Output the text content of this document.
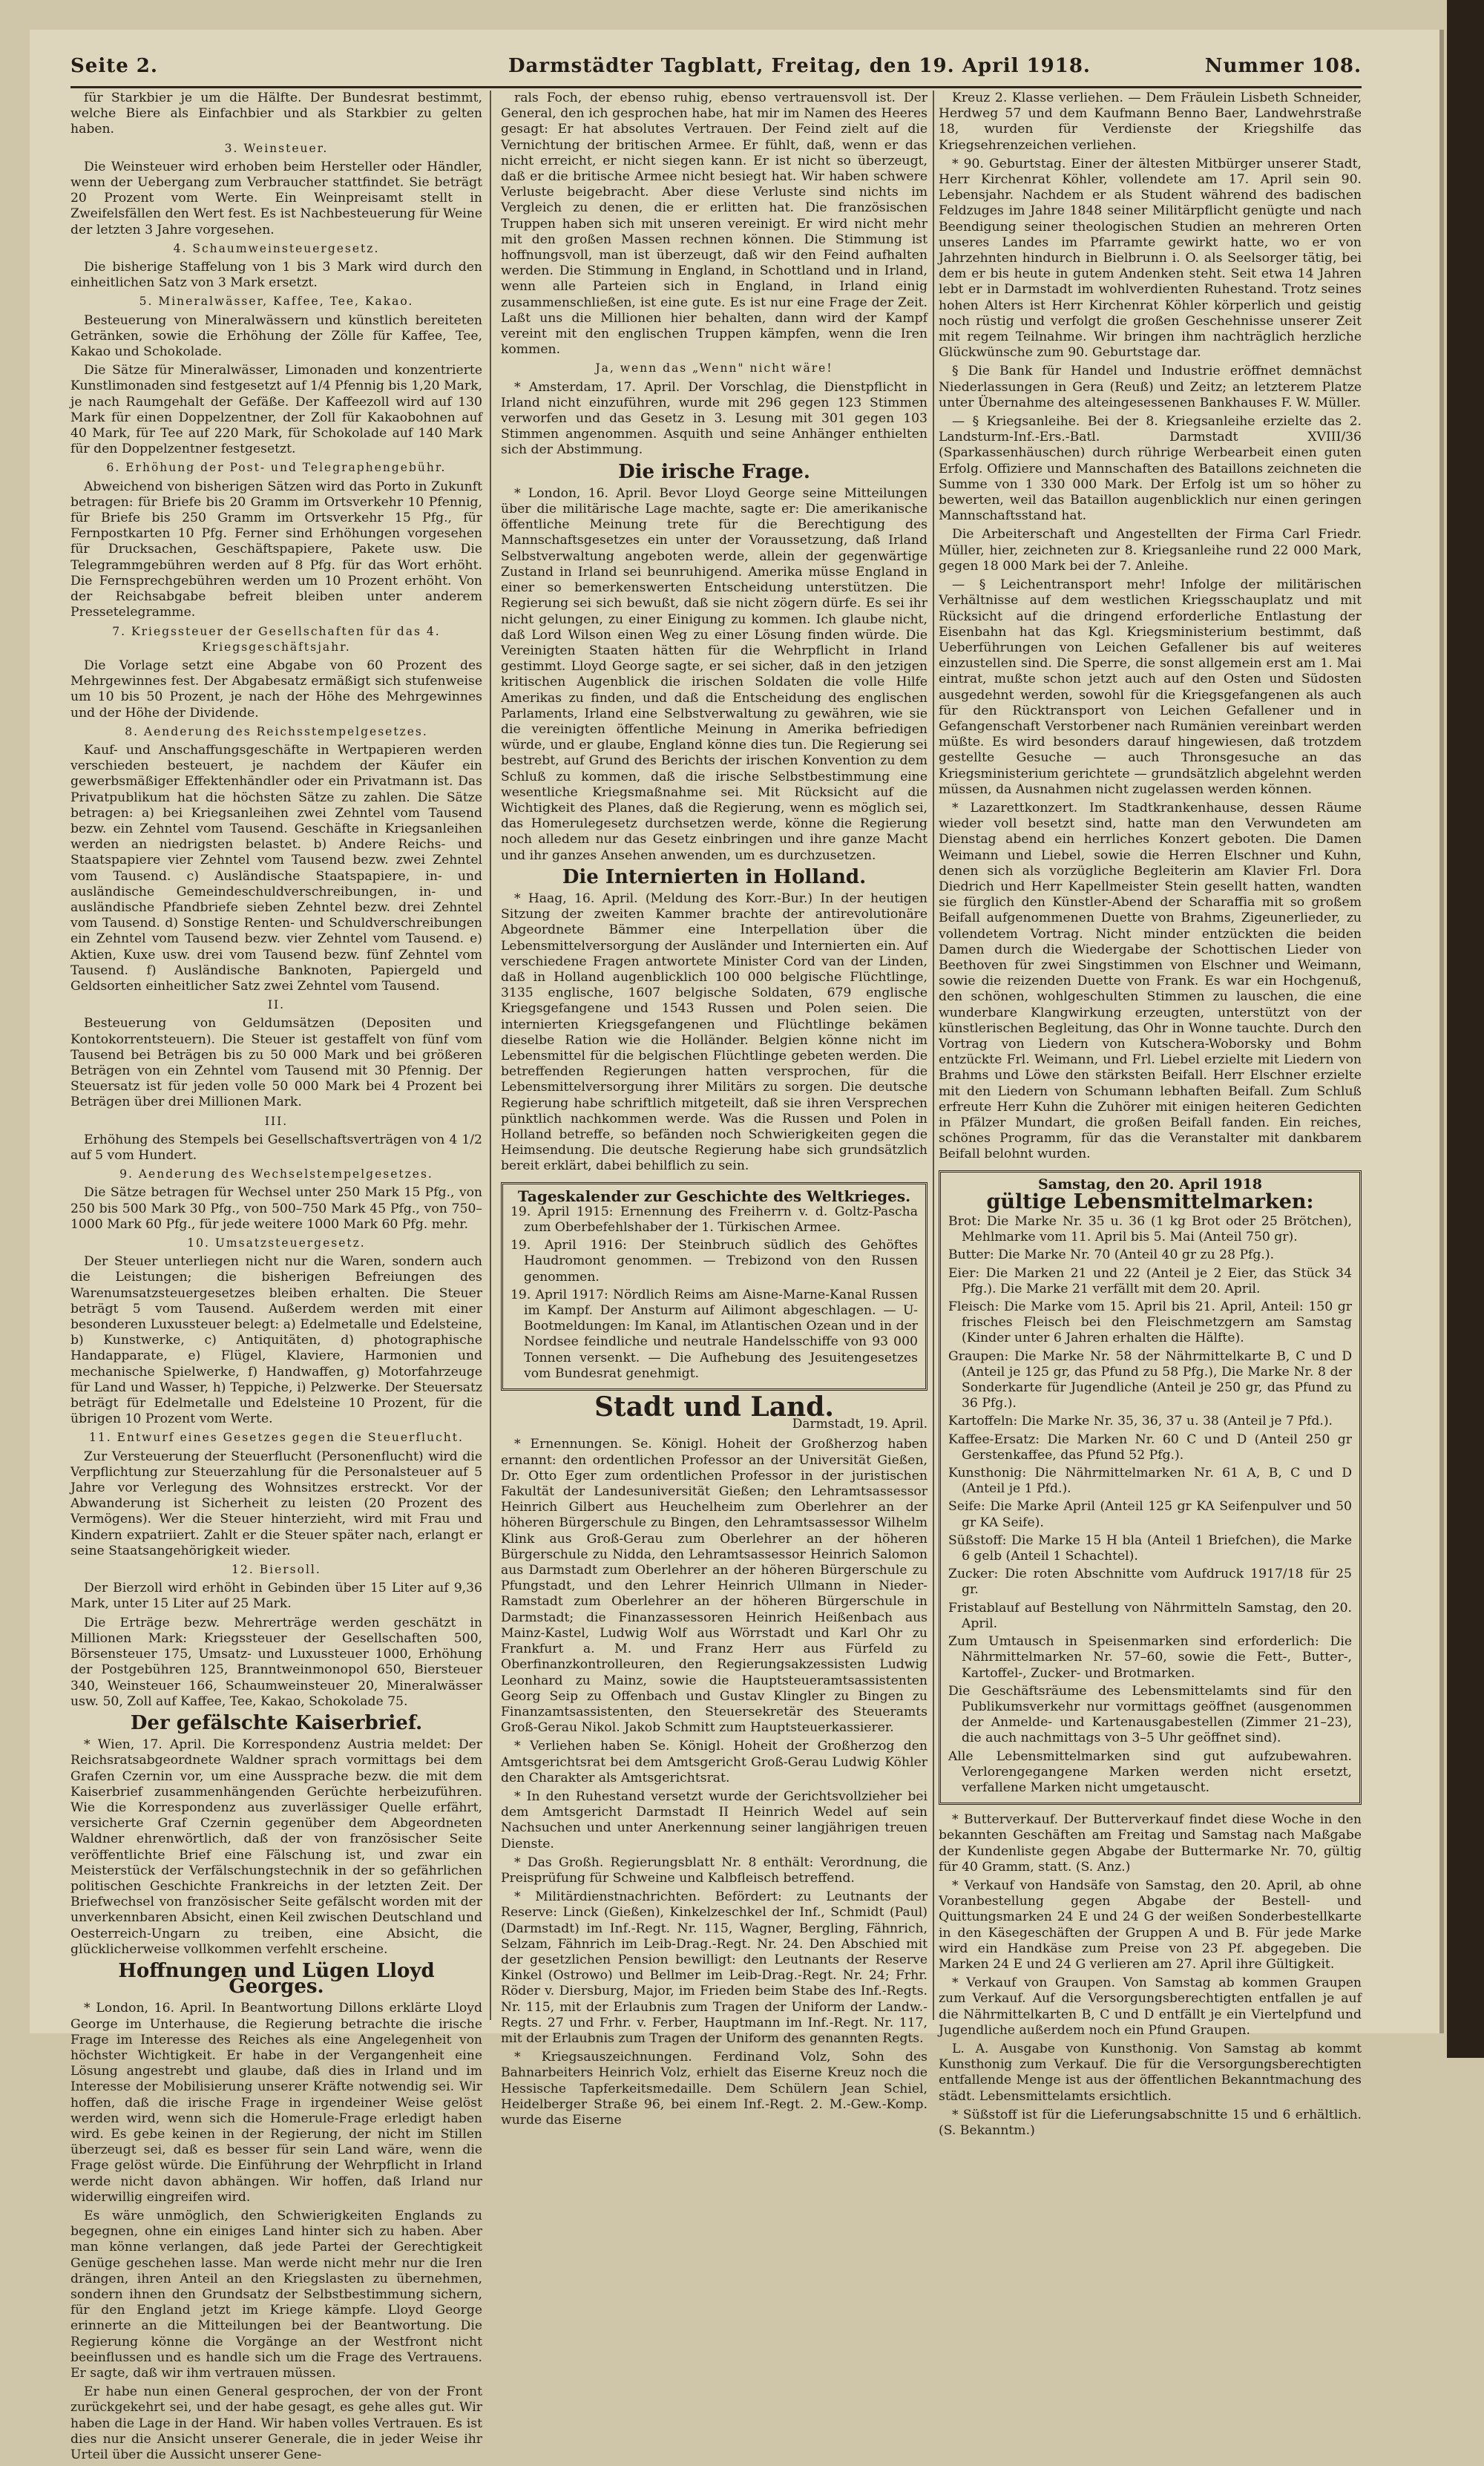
Seite 2.	Darmstädter Tagblatt, Freitag, den 19. April 1918.	Nummer 108.

für Starkbier je um die Hälfte. Der Bundesrat bestimmt, welche Biere als Einfachbier und als Starkbier zu gelten haben.

3. Weinsteuer.

Die Weinsteuer wird erhoben beim Hersteller oder Händler, wenn der Uebergang zum Verbraucher stattfindet. Sie beträgt 20 Prozent vom Werte. Ein Weinpreisamt stellt in Zweifelsfällen den Wert fest. Es ist Nachbesteuerung für Weine der letzten 3 Jahre vorgesehen.

4. Schaumweinsteuergesetz.

Die bisherige Staffelung von 1 bis 3 Mark wird durch den einheitlichen Satz von 3 Mark ersetzt.

5. Mineralwässer, Kaffee, Tee, Kakao.

Besteuerung von Mineralwässern und künstlich bereiteten Getränken, sowie die Erhöhung der Zölle für Kaffee, Tee, Kakao und Schokolade.

Die Sätze für Mineralwässer, Limonaden und konzentrierte Kunstlimonaden sind festgesetzt auf 1/4 Pfennig bis 1,20 Mark, je nach Raumgehalt der Gefäße. Der Kaffeezoll wird auf 130 Mark für einen Doppelzentner, der Zoll für Kakaobohnen auf 40 Mark, für Tee auf 220 Mark, für Schokolade auf 140 Mark für den Doppelzentner festgesetzt.

6. Erhöhung der Post- und Telegraphengebühr.

Abweichend von bisherigen Sätzen wird das Porto in Zukunft betragen: für Briefe bis 20 Gramm im Ortsverkehr 10 Pfennig, für Briefe bis 250 Gramm im Ortsverkehr 15 Pfg., für Fernpostkarten 10 Pfg. Ferner sind Erhöhungen vorgesehen für Drucksachen, Geschäftspapiere, Pakete usw. Die Telegrammgebühren werden auf 8 Pfg. für das Wort erhöht. Die Fernsprechgebühren werden um 10 Prozent erhöht. Von der Reichsabgabe befreit bleiben unter anderem Pressetelegramme.

7. Kriegssteuer der Gesellschaften für das 4. Kriegsgeschäftsjahr.

Die Vorlage setzt eine Abgabe von 60 Prozent des Mehrgewinnes fest. Der Abgabesatz ermäßigt sich stufenweise um 10 bis 50 Prozent, je nach der Höhe des Mehrgewinnes und der Höhe der Dividende.

8. Aenderung des Reichsstempelgesetzes.

Kauf- und Anschaffungsgeschäfte in Wertpapieren werden verschieden besteuert, je nachdem der Käufer ein gewerbsmäßiger Effektenhändler oder ein Privatmann ist. Das Privatpublikum hat die höchsten Sätze zu zahlen. Die Sätze betragen: a) bei Kriegsanleihen zwei Zehntel vom Tausend bezw. ein Zehntel vom Tausend. Geschäfte in Kriegsanleihen werden an niedrigsten belastet. b) Andere Reichs- und Staatspapiere vier Zehntel vom Tausend bezw. zwei Zehntel vom Tausend. c) Ausländische Staatspapiere, in- und ausländische Gemeindeschuldverschreibungen, in- und ausländische Pfandbriefe sieben Zehntel bezw. drei Zehntel vom Tausend. d) Sonstige Renten- und Schuldverschreibungen ein Zehntel vom Tausend bezw. vier Zehntel vom Tausend. e) Aktien, Kuxe usw. drei vom Tausend bezw. fünf Zehntel vom Tausend. f) Ausländische Banknoten, Papiergeld und Geldsorten einheitlicher Satz zwei Zehntel vom Tausend.

II.

Besteuerung von Geldumsätzen (Depositen und Kontokorrentsteuern). Die Steuer ist gestaffelt von fünf vom Tausend bei Beträgen bis zu 50 000 Mark und bei größeren Beträgen von ein Zehntel vom Tausend mit 30 Pfennig. Der Steuersatz ist für jeden volle 50 000 Mark bei 4 Prozent bei Beträgen über drei Millionen Mark.

III.

Erhöhung des Stempels bei Gesellschaftsverträgen von 4 1/2 auf 5 vom Hundert.

9. Aenderung des Wechselstempelgesetzes.

Die Sätze betragen für Wechsel unter 250 Mark 15 Pfg., von 250 bis 500 Mark 30 Pfg., von 500–750 Mark 45 Pfg., von 750–1000 Mark 60 Pfg., für jede weitere 1000 Mark 60 Pfg. mehr.

10. Umsatzsteuergesetz.

Der Steuer unterliegen nicht nur die Waren, sondern auch die Leistungen; die bisherigen Befreiungen des Warenumsatzsteuergesetzes bleiben erhalten. Die Steuer beträgt 5 vom Tausend. Außerdem werden mit einer besonderen Luxussteuer belegt: a) Edelmetalle und Edelsteine, b) Kunstwerke, c) Antiquitäten, d) photographische Handapparate, e) Flügel, Klaviere, Harmonien und mechanische Spielwerke, f) Handwaffen, g) Motorfahrzeuge für Land und Wasser, h) Teppiche, i) Pelzwerke. Der Steuersatz beträgt für Edelmetalle und Edelsteine 10 Prozent, für die übrigen 10 Prozent vom Werte.

11. Entwurf eines Gesetzes gegen die Steuerflucht.

Zur Versteuerung der Steuerflucht (Personenflucht) wird die Verpflichtung zur Steuerzahlung für die Personalsteuer auf 5 Jahre vor Verlegung des Wohnsitzes erstreckt. Vor der Abwanderung ist Sicherheit zu leisten (20 Prozent des Vermögens). Wer die Steuer hinterzieht, wird mit Frau und Kindern expatriiert. Zahlt er die Steuer später nach, erlangt er seine Staatsangehörigkeit wieder.

12. Biersoll.

Der Bierzoll wird erhöht in Gebinden über 15 Liter auf 9,36 Mark, unter 15 Liter auf 25 Mark.

Die Erträge bezw. Mehrerträge werden geschätzt in Millionen Mark: Kriegssteuer der Gesellschaften 500, Börsensteuer 175, Umsatz- und Luxussteuer 1000, Erhöhung der Postgebühren 125, Branntweinmonopol 650, Biersteuer 340, Weinsteuer 166, Schaumweinsteuer 20, Mineralwässer usw. 50, Zoll auf Kaffee, Tee, Kakao, Schokolade 75.

Der gefälschte Kaiserbrief.

* Wien, 17. April. Die Korrespondenz Austria meldet: Der Reichsratsabgeordnete Waldner sprach vormittags bei dem Grafen Czernin vor, um eine Aussprache bezw. die mit dem Kaiserbrief zusammenhängenden Gerüchte herbeizuführen. Wie die Korrespondenz aus zuverlässiger Quelle erfährt, versicherte Graf Czernin gegenüber dem Abgeordneten Waldner ehrenwörtlich, daß der von französischer Seite veröffentlichte Brief eine Fälschung ist, und zwar ein Meisterstück der Verfälschungstechnik in der so gefährlichen politischen Geschichte Frankreichs in der letzten Zeit. Der Briefwechsel von französischer Seite gefälscht worden mit der unverkennbaren Absicht, einen Keil zwischen Deutschland und Oesterreich-Ungarn zu treiben, eine Absicht, die glücklicherweise vollkommen verfehlt erscheine.

Hoffnungen und Lügen Lloyd Georges.

* London, 16. April. In Beantwortung Dillons erklärte Lloyd George im Unterhause, die Regierung betrachte die irische Frage im Interesse des Reiches als eine Angelegenheit von höchster Wichtigkeit. Er habe in der Vergangenheit eine Lösung angestrebt und glaube, daß dies in Irland und im Interesse der Mobilisierung unserer Kräfte notwendig sei. Wir hoffen, daß die irische Frage in irgendeiner Weise gelöst werden wird, wenn sich die Homerule-Frage erledigt haben wird. Es gebe keinen in der Regierung, der nicht im Stillen überzeugt sei, daß es besser für sein Land wäre, wenn die Frage gelöst würde. Die Einführung der Wehrpflicht in Irland werde nicht davon abhängen. Wir hoffen, daß Irland nur widerwillig eingreifen wird.

Es wäre unmöglich, den Schwierigkeiten Englands zu begegnen, ohne ein einiges Land hinter sich zu haben. Aber man könne verlangen, daß jede Partei der Gerechtigkeit Genüge geschehen lasse. Man werde nicht mehr nur die Iren drängen, ihren Anteil an den Kriegslasten zu übernehmen, sondern ihnen den Grundsatz der Selbstbestimmung sichern, für den England jetzt im Kriege kämpfe. Lloyd George erinnerte an die Mitteilungen bei der Beantwortung. Die Regierung könne die Vorgänge an der Westfront nicht beeinflussen und es handle sich um die Frage des Vertrauens. Er sagte, daß wir ihm vertrauen müssen.

Er habe nun einen General gesprochen, der von der Front zurückgekehrt sei, und der habe gesagt, es gehe alles gut. Wir haben die Lage in der Hand. Wir haben volles Vertrauen. Es ist dies nur die Ansicht unserer Generale, die in jeder Weise ihr Urteil über die Aussicht unserer Gene-

rals Foch, der ebenso ruhig, ebenso vertrauensvoll ist. Der General, den ich gesprochen habe, hat mir im Namen des Heeres gesagt: Er hat absolutes Vertrauen. Der Feind zielt auf die Vernichtung der britischen Armee. Er fühlt, daß, wenn er das nicht erreicht, er nicht siegen kann. Er ist nicht so überzeugt, daß er die britische Armee nicht besiegt hat. Wir haben schwere Verluste beigebracht. Aber diese Verluste sind nichts im Vergleich zu denen, die er erlitten hat. Die französischen Truppen haben sich mit unseren vereinigt. Er wird nicht mehr mit den großen Massen rechnen können. Die Stimmung ist hoffnungsvoll, man ist überzeugt, daß wir den Feind aufhalten werden. Die Stimmung in England, in Schottland und in Irland, wenn alle Parteien sich in England, in Irland einig zusammenschließen, ist eine gute. Es ist nur eine Frage der Zeit. Laßt uns die Millionen hier behalten, dann wird der Kampf vereint mit den englischen Truppen kämpfen, wenn die Iren kommen.

Ja, wenn das „Wenn" nicht wäre!

* Amsterdam, 17. April. Der Vorschlag, die Dienstpflicht in Irland nicht einzuführen, wurde mit 296 gegen 123 Stimmen verworfen und das Gesetz in 3. Lesung mit 301 gegen 103 Stimmen angenommen. Asquith und seine Anhänger enthielten sich der Abstimmung.

Die irische Frage.

* London, 16. April. Bevor Lloyd George seine Mitteilungen über die militärische Lage machte, sagte er: Die amerikanische öffentliche Meinung trete für die Berechtigung des Mannschaftsgesetzes ein unter der Voraussetzung, daß Irland Selbstverwaltung angeboten werde, allein der gegenwärtige Zustand in Irland sei beunruhigend. Amerika müsse England in einer so bemerkenswerten Entscheidung unterstützen. Die Regierung sei sich bewußt, daß sie nicht zögern dürfe. Es sei ihr nicht gelungen, zu einer Einigung zu kommen. Ich glaube nicht, daß Lord Wilson einen Weg zu einer Lösung finden würde. Die Vereinigten Staaten hätten für die Wehrpflicht in Irland gestimmt. Lloyd George sagte, er sei sicher, daß in den jetzigen kritischen Augenblick die irischen Soldaten die volle Hilfe Amerikas zu finden, und daß die Entscheidung des englischen Parlaments, Irland eine Selbstverwaltung zu gewähren, wie sie die vereinigten öffentliche Meinung in Amerika befriedigen würde, und er glaube, England könne dies tun. Die Regierung sei bestrebt, auf Grund des Berichts der irischen Konvention zu dem Schluß zu kommen, daß die irische Selbstbestimmung eine wesentliche Kriegsmaßnahme sei. Mit Rücksicht auf die Wichtigkeit des Planes, daß die Regierung, wenn es möglich sei, das Homerulegesetz durchsetzen werde, könne die Regierung noch alledem nur das Gesetz einbringen und ihre ganze Macht und ihr ganzes Ansehen anwenden, um es durchzusetzen.

Die Internierten in Holland.

* Haag, 16. April. (Meldung des Korr.-Bur.) In der heutigen Sitzung der zweiten Kammer brachte der antirevolutionäre Abgeordnete Bämmer eine Interpellation über die Lebensmittelversorgung der Ausländer und Internierten ein. Auf verschiedene Fragen antwortete Minister Cord van der Linden, daß in Holland augenblicklich 100 000 belgische Flüchtlinge, 3135 englische, 1607 belgische Soldaten, 679 englische Kriegsgefangene und 1543 Russen und Polen seien. Die internierten Kriegsgefangenen und Flüchtlinge bekämen dieselbe Ration wie die Holländer. Belgien könne nicht im Lebensmittel für die belgischen Flüchtlinge gebeten werden. Die betreffenden Regierungen hatten versprochen, für die Lebensmittelversorgung ihrer Militärs zu sorgen. Die deutsche Regierung habe schriftlich mitgeteilt, daß sie ihren Versprechen pünktlich nachkommen werde. Was die Russen und Polen in Holland betreffe, so befänden noch Schwierigkeiten gegen die Heimsendung. Die deutsche Regierung habe sich grundsätzlich bereit erklärt, dabei behilflich zu sein.

Tageskalender zur Geschichte des Weltkrieges.
19. April 1915: Ernennung des Freiherrn v. d. Goltz-Pascha zum Oberbefehlshaber der 1. Türkischen Armee.
19. April 1916: Der Steinbruch südlich des Gehöftes Haudromont genommen. — Trebizond von den Russen genommen.
19. April 1917: Nördlich Reims am Aisne-Marne-Kanal Russen im Kampf. Der Ansturm auf Ailimont abgeschlagen. — U-Bootmeldungen: Im Kanal, im Atlantischen Ozean und in der Nordsee feindliche und neutrale Handelsschiffe von 93 000 Tonnen versenkt. — Die Aufhebung des Jesuitengesetzes vom Bundesrat genehmigt.
Stadt und Land.
Darmstadt, 19. April.

* Ernennungen. Se. Königl. Hoheit der Großherzog haben ernannt: den ordentlichen Professor an der Universität Gießen, Dr. Otto Eger zum ordentlichen Professor in der juristischen Fakultät der Landesuniversität Gießen; den Lehramtsassessor Heinrich Gilbert aus Heuchelheim zum Oberlehrer an der höheren Bürgerschule zu Bingen, den Lehramtsassessor Wilhelm Klink aus Groß-Gerau zum Oberlehrer an der höheren Bürgerschule zu Nidda, den Lehramtsassessor Heinrich Salomon aus Darmstadt zum Oberlehrer an der höheren Bürgerschule zu Pfungstadt, und den Lehrer Heinrich Ullmann in Nieder-Ramstadt zum Oberlehrer an der höheren Bürgerschule in Darmstadt; die Finanzassessoren Heinrich Heißenbach aus Mainz-Kastel, Ludwig Wolf aus Wörrstadt und Karl Ohr zu Frankfurt a. M. und Franz Herr aus Fürfeld zu Oberfinanzkontrolleuren, den Regierungsakzessisten Ludwig Leonhard zu Mainz, sowie die Hauptsteueramtsassistenten Georg Seip zu Offenbach und Gustav Klingler zu Bingen zu Finanzamtsassistenten, den Steuersekretär des Steueramts Groß-Gerau Nikol. Jakob Schmitt zum Hauptsteuerkassierer.

* Verliehen haben Se. Königl. Hoheit der Großherzog den Amtsgerichtsrat bei dem Amtsgericht Groß-Gerau Ludwig Köhler den Charakter als Amtsgerichtsrat.

* In den Ruhestand versetzt wurde der Gerichtsvollzieher bei dem Amtsgericht Darmstadt II Heinrich Wedel auf sein Nachsuchen und unter Anerkennung seiner langjährigen treuen Dienste.

* Das Großh. Regierungsblatt Nr. 8 enthält: Verordnung, die Preisprüfung für Schweine und Kalbfleisch betreffend.

* Militärdienstnachrichten. Befördert: zu Leutnants der Reserve: Linck (Gießen), Kinkelzeschkel der Inf., Schmidt (Paul) (Darmstadt) im Inf.-Regt. Nr. 115, Wagner, Bergling, Fähnrich, Selzam, Fähnrich im Leib-Drag.-Regt. Nr. 24. Den Abschied mit der gesetzlichen Pension bewilligt: den Leutnants der Reserve Kinkel (Ostrowo) und Bellmer im Leib-Drag.-Regt. Nr. 24; Frhr. Röder v. Diersburg, Major, im Frieden beim Stabe des Inf.-Regts. Nr. 115, mit der Erlaubnis zum Tragen der Uniform der Landw.-Regts. 27 und Frhr. v. Ferber, Hauptmann im Inf.-Regt. Nr. 117, mit der Erlaubnis zum Tragen der Uniform des genannten Regts.

* Kriegsauszeichnungen. Ferdinand Volz, Sohn des Bahnarbeiters Heinrich Volz, erhielt das Eiserne Kreuz noch die Hessische Tapferkeitsmedaille. Dem Schülern Jean Schiel, Heidelberger Straße 96, bei einem Inf.-Regt. 2. M.-Gew.-Komp. wurde das Eiserne

Kreuz 2. Klasse verliehen. — Dem Fräulein Lisbeth Schneider, Herdweg 57 und dem Kaufmann Benno Baer, Landwehrstraße 18, wurden für Verdienste der Kriegshilfe das Kriegsehrenzeichen verliehen.

* 90. Geburtstag. Einer der ältesten Mitbürger unserer Stadt, Herr Kirchenrat Köhler, vollendete am 17. April sein 90. Lebensjahr. Nachdem er als Student während des badischen Feldzuges im Jahre 1848 seiner Militärpflicht genügte und nach Beendigung seiner theologischen Studien an mehreren Orten unseres Landes im Pfarramte gewirkt hatte, wo er von Jahrzehnten hindurch in Bielbrunn i. O. als Seelsorger tätig, bei dem er bis heute in gutem Andenken steht. Seit etwa 14 Jahren lebt er in Darmstadt im wohlverdienten Ruhestand. Trotz seines hohen Alters ist Herr Kirchenrat Köhler körperlich und geistig noch rüstig und verfolgt die großen Geschehnisse unserer Zeit mit regem Teilnahme. Wir bringen ihm nachträglich herzliche Glückwünsche zum 90. Geburtstage dar.

§ Die Bank für Handel und Industrie eröffnet demnächst Niederlassungen in Gera (Reuß) und Zeitz; an letzterem Platze unter Übernahme des alteingesessenen Bankhauses F. W. Müller.

— § Kriegsanleihe. Bei der 8. Kriegsanleihe erzielte das 2. Landsturm-Inf.-Ers.-Batl. Darmstadt XVIII/36 (Sparkassenhäuschen) durch rührige Werbearbeit einen guten Erfolg. Offiziere und Mannschaften des Bataillons zeichneten die Summe von 1 330 000 Mark. Der Erfolg ist um so höher zu bewerten, weil das Bataillon augenblicklich nur einen geringen Mannschaftsstand hat.

Die Arbeiterschaft und Angestellten der Firma Carl Friedr. Müller, hier, zeichneten zur 8. Kriegsanleihe rund 22 000 Mark, gegen 18 000 Mark bei der 7. Anleihe.

— § Leichentransport mehr! Infolge der militärischen Verhältnisse auf dem westlichen Kriegsschauplatz und mit Rücksicht auf die dringend erforderliche Entlastung der Eisenbahn hat das Kgl. Kriegsministerium bestimmt, daß Ueberführungen von Leichen Gefallener bis auf weiteres einzustellen sind. Die Sperre, die sonst allgemein erst am 1. Mai eintrat, mußte schon jetzt auch auf den Osten und Südosten ausgedehnt werden, sowohl für die Kriegsgefangenen als auch für den Rücktransport von Leichen Gefallener und in Gefangenschaft Verstorbener nach Rumänien vereinbart werden müßte. Es wird besonders darauf hingewiesen, daß trotzdem gestellte Gesuche — auch Thronsgesuche an das Kriegsministerium gerichtete — grundsätzlich abgelehnt werden müssen, da Ausnahmen nicht zugelassen werden können.

* Lazarettkonzert. Im Stadtkrankenhause, dessen Räume wieder voll besetzt sind, hatte man den Verwundeten am Dienstag abend ein herrliches Konzert geboten. Die Damen Weimann und Liebel, sowie die Herren Elschner und Kuhn, denen sich als vorzügliche Begleiterin am Klavier Frl. Dora Diedrich und Herr Kapellmeister Stein gesellt hatten, wandten sie fürglich den Künstler-Abend der Scharaffia mit so großem Beifall aufgenommenen Duette von Brahms, Zigeunerlieder, zu vollendetem Vortrag. Nicht minder entzückten die beiden Damen durch die Wiedergabe der Schottischen Lieder von Beethoven für zwei Singstimmen von Elschner und Weimann, sowie die reizenden Duette von Frank. Es war ein Hochgenuß, den schönen, wohlgeschulten Stimmen zu lauschen, die eine wunderbare Klangwirkung erzeugten, unterstützt von der künstlerischen Begleitung, das Ohr in Wonne tauchte. Durch den Vortrag von Liedern von Kutschera-Woborsky und Bohm entzückte Frl. Weimann, und Frl. Liebel erzielte mit Liedern von Brahms und Löwe den stärksten Beifall. Herr Elschner erzielte mit den Liedern von Schumann lebhaften Beifall. Zum Schluß erfreute Herr Kuhn die Zuhörer mit einigen heiteren Gedichten in Pfälzer Mundart, die großen Beifall fanden. Ein reiches, schönes Programm, für das die Veranstalter mit dankbarem Beifall belohnt wurden.

Samstag, den 20. April 1918
gültige Lebensmittelmarken:
Brot: Die Marke Nr. 35 u. 36 (1 kg Brot oder 25 Brötchen), Mehlmarke vom 11. April bis 5. Mai (Anteil 750 gr).
Butter: Die Marke Nr. 70 (Anteil 40 gr zu 28 Pfg.).
Eier: Die Marken 21 und 22 (Anteil je 2 Eier, das Stück 34 Pfg.). Die Marke 21 verfällt mit dem 20. April.
Fleisch: Die Marke vom 15. April bis 21. April, Anteil: 150 gr frisches Fleisch bei den Fleischmetzgern am Samstag (Kinder unter 6 Jahren erhalten die Hälfte).
Graupen: Die Marke Nr. 58 der Nährmittelkarte B, C und D (Anteil je 125 gr, das Pfund zu 58 Pfg.), Die Marke Nr. 8 der Sonderkarte für Jugendliche (Anteil je 250 gr, das Pfund zu 36 Pfg.).
Kartoffeln: Die Marke Nr. 35, 36, 37 u. 38 (Anteil je 7 Pfd.).
Kaffee-Ersatz: Die Marken Nr. 60 C und D (Anteil 250 gr Gerstenkaffee, das Pfund 52 Pfg.).
Kunsthonig: Die Nährmittelmarken Nr. 61 A, B, C und D (Anteil je 1 Pfd.).
Seife: Die Marke April (Anteil 125 gr KA Seifenpulver und 50 gr KA Seife).
Süßstoff: Die Marke 15 H bla (Anteil 1 Briefchen), die Marke 6 gelb (Anteil 1 Schachtel).
Zucker: Die roten Abschnitte vom Aufdruck 1917/18 für 25 gr.
Fristablauf auf Bestellung von Nährmitteln Samstag, den 20. April.
Zum Umtausch in Speisenmarken sind erforderlich: Die Nährmittelmarken Nr. 57–60, sowie die Fett-, Butter-, Kartoffel-, Zucker- und Brotmarken.
Die Geschäftsräume des Lebensmittelamts sind für den Publikumsverkehr nur vormittags geöffnet (ausgenommen der Anmelde- und Kartenausgabestellen (Zimmer 21–23), die auch nachmittags von 3–5 Uhr geöffnet sind).
Alle Lebensmittelmarken sind gut aufzubewahren. Verlorengegangene Marken werden nicht ersetzt, verfallene Marken nicht umgetauscht.

* Butterverkauf. Der Butterverkauf findet diese Woche in den bekannten Geschäften am Freitag und Samstag nach Maßgabe der Kundenliste gegen Abgabe der Buttermarke Nr. 70, gültig für 40 Gramm, statt. (S. Anz.)

* Verkauf von Handsäfe von Samstag, den 20. April, ab ohne Voranbestellung gegen Abgabe der Bestell- und Quittungsmarken 24 E und 24 G der weißen Sonderbestellkarte in den Käsegeschäften der Gruppen A und B. Für jede Marke wird ein Handkäse zum Preise von 23 Pf. abgegeben. Die Marken 24 E und 24 G verlieren am 27. April ihre Gültigkeit.

* Verkauf von Graupen. Von Samstag ab kommen Graupen zum Verkauf. Auf die Versorgungsberechtigten entfallen je auf die Nährmittelkarten B, C und D entfällt je ein Viertelpfund und Jugendliche außerdem noch ein Pfund Graupen.

L. A. Ausgabe von Kunsthonig. Von Samstag ab kommt Kunsthonig zum Verkauf. Die für die Versorgungsberechtigten entfallende Menge ist aus der öffentlichen Bekanntmachung des städt. Lebensmittelamts ersichtlich.

* Süßstoff ist für die Lieferungsabschnitte 15 und 6 erhältlich. (S. Bekanntm.)
